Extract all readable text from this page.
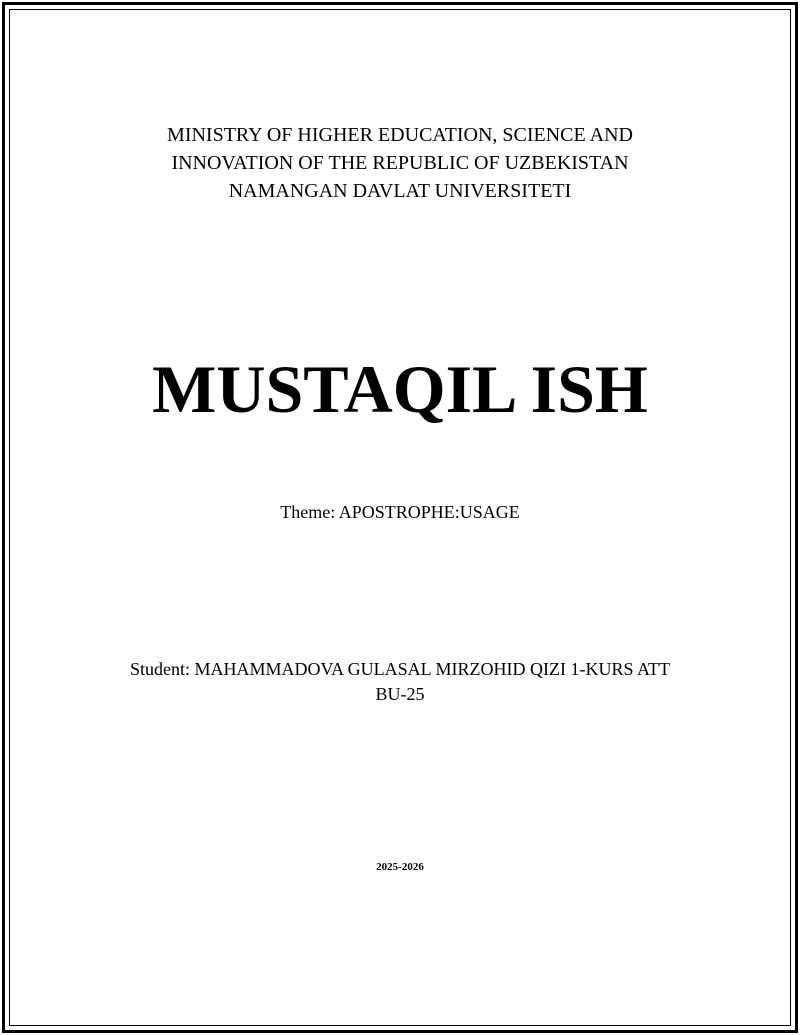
MINISTRY OF HIGHER EDUCATION, SCIENCE AND
INNOVATION OF THE REPUBLIC OF UZBEKISTAN
NAMANGAN DAVLAT UNIVERSITETI
MUSTAQIL ISH
Theme: APOSTROPHE:USAGE
Student: MAHAMMADOVA GULASAL MIRZOHID QIZI 1-KURS ATT
BU-25
2025-2026
